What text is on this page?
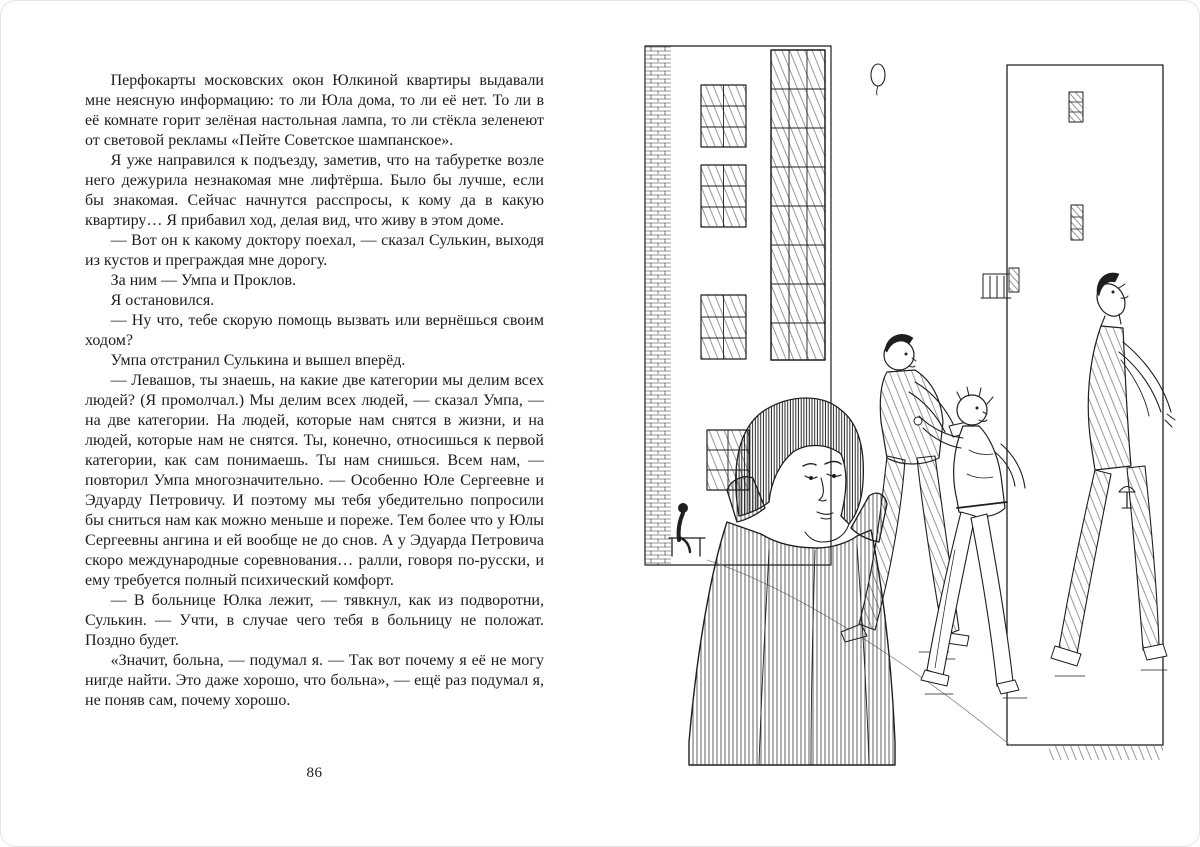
Перфокарты московских окон Юлкиной квартиры выдавали мне неясную информацию: то ли Юла дома, то ли её нет. То ли в её комнате горит зелёная настольная лампа, то ли стёкла зеленеют от световой рекламы «Пейте Советское шампанское».

Я уже направился к подъезду, заметив, что на табуретке возле него дежурила незнакомая мне лифтёрша. Было бы лучше, если бы знакомая. Сейчас начнутся расспросы, к кому да в какую квартиру… Я прибавил ход, делая вид, что живу в этом доме.

— Вот он к какому доктору поехал, — сказал Сулькин, выходя из кустов и преграждая мне дорогу.

За ним — Умпа и Проклов.

Я остановился.

— Ну что, тебе скорую помощь вызвать или вернёшься своим ходом?

Умпа отстранил Сулькина и вышел вперёд.

— Левашов, ты знаешь, на какие две категории мы делим всех людей? (Я промолчал.) Мы делим всех людей, — сказал Умпа, — на две категории. На людей, которые нам снятся в жизни, и на людей, которые нам не снятся. Ты, конечно, относишься к первой категории, как сам понимаешь. Ты нам снишься. Всем нам, — повторил Умпа многозначительно. — Особенно Юле Сергеевне и Эдуарду Петровичу. И поэтому мы тебя убедительно попросили бы сниться нам как можно меньше и пореже. Тем более что у Юлы Сергеевны ангина и ей вообще не до снов. А у Эдуарда Петровича скоро международные соревнования… ралли, говоря по-русски, и ему требуется полный психический комфорт.

— В больнице Юлка лежит, — тявкнул, как из подворотни, Сулькин. — Учти, в случае чего тебя в больницу не положат. Поздно будет.

«Значит, больна, — подумал я. — Так вот почему я её не могу нигде найти. Это даже хорошо, что больна», — ещё раз подумал я, не поняв сам, почему хорошо.

86
